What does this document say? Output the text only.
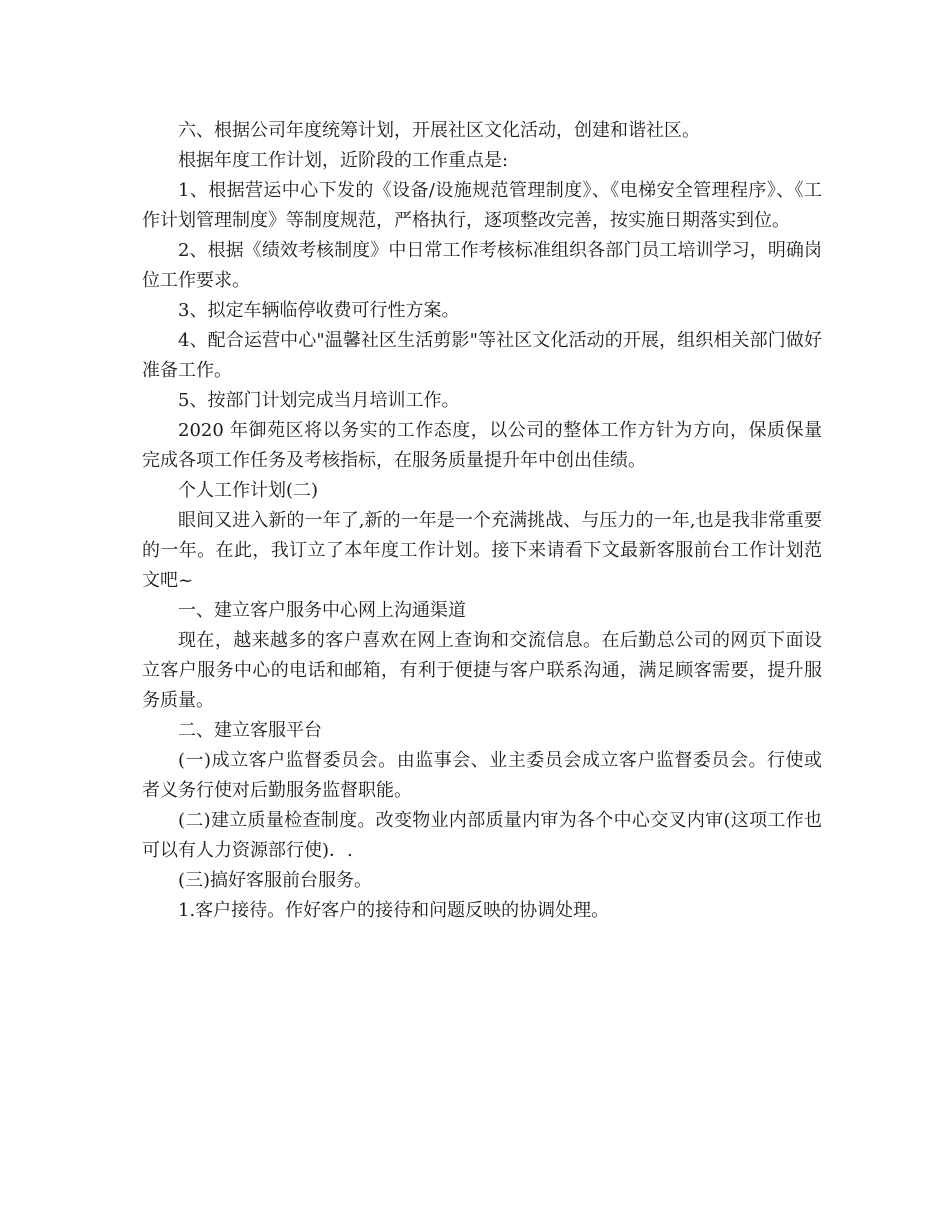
六、根据公司年度统筹计划，开展社区文化活动，创建和谐社区。

根据年度工作计划，近阶段的工作重点是:

1、根据营运中心下发的《设备/设施规范管理制度》、《电梯安全管理程序》、《工作计划管理制度》等制度规范，严格执行，逐项整改完善，按实施日期落实到位。

2、根据《绩效考核制度》中日常工作考核标准组织各部门员工培训学习，明确岗位工作要求。

3、拟定车辆临停收费可行性方案。

4、配合运营中心"温馨社区生活剪影"等社区文化活动的开展，组织相关部门做好准备工作。

5、按部门计划完成当月培训工作。

2020 年御苑区将以务实的工作态度，以公司的整体工作方针为方向，保质保量完成各项工作任务及考核指标，在服务质量提升年中创出佳绩。

个人工作计划(二)

眼间又进入新的一年了,新的一年是一个充满挑战、与压力的一年,也是我非常重要的一年。在此，我订立了本年度工作计划。接下来请看下文最新客服前台工作计划范文吧~

一、建立客户服务中心网上沟通渠道

现在，越来越多的客户喜欢在网上查询和交流信息。在后勤总公司的网页下面设立客户服务中心的电话和邮箱，有利于便捷与客户联系沟通，满足顾客需要，提升服务质量。

二、建立客服平台

(一)成立客户监督委员会。由监事会、业主委员会成立客户监督委员会。行使或者义务行使对后勤服务监督职能。

(二)建立质量检查制度。改变物业内部质量内审为各个中心交叉内审(这项工作也可以有人力资源部行使)．.

(三)搞好客服前台服务。

1.客户接待。作好客户的接待和问题反映的协调处理。
